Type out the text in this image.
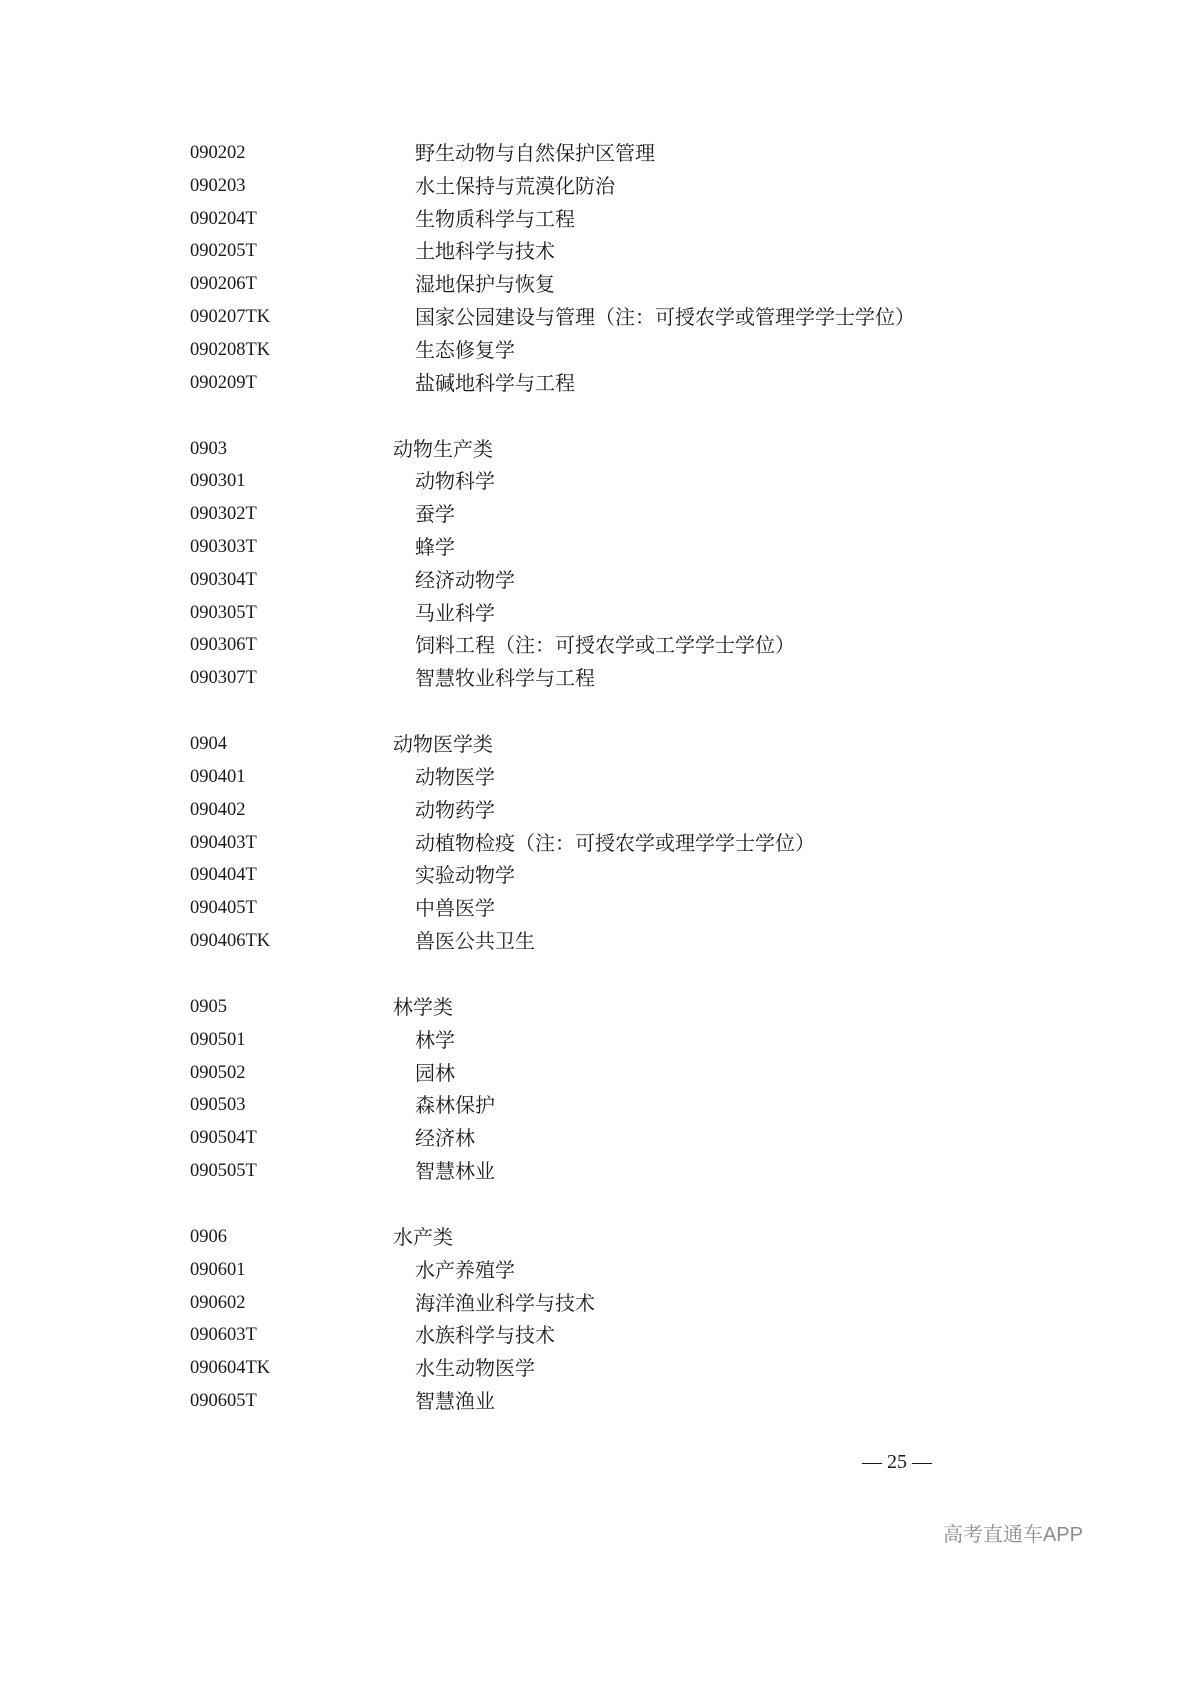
090202	野生动物与自然保护区管理
090203	水土保持与荒漠化防治
090204T	生物质科学与工程
090205T	土地科学与技术
090206T	湿地保护与恢复
090207TK	国家公园建设与管理（注：可授农学或管理学学士学位）
090208TK	生态修复学
090209T	盐碱地科学与工程
0903	动物生产类
090301	动物科学
090302T	蚕学
090303T	蜂学
090304T	经济动物学
090305T	马业科学
090306T	饲料工程（注：可授农学或工学学士学位）
090307T	智慧牧业科学与工程
0904	动物医学类
090401	动物医学
090402	动物药学
090403T	动植物检疫（注：可授农学或理学学士学位）
090404T	实验动物学
090405T	中兽医学
090406TK	兽医公共卫生
0905	林学类
090501	林学
090502	园林
090503	森林保护
090504T	经济林
090505T	智慧林业
0906	水产类
090601	水产养殖学
090602	海洋渔业科学与技术
090603T	水族科学与技术
090604TK	水生动物医学
090605T	智慧渔业
— 25 —
高考直通车APP
